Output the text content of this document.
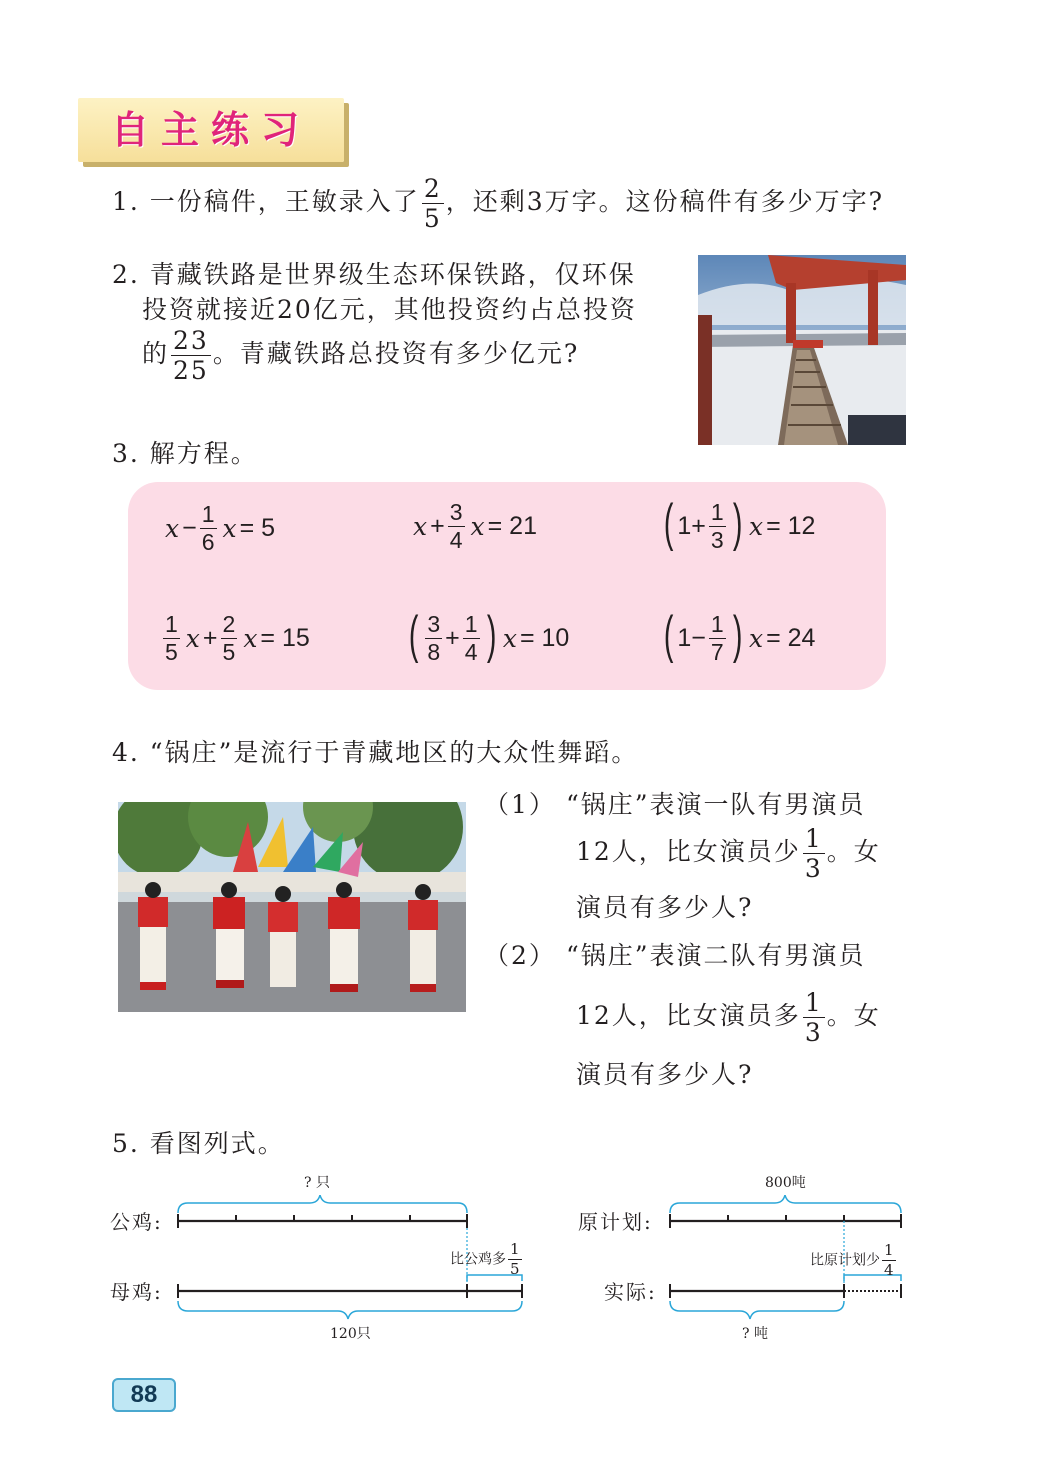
自主练习
1. 一份稿件，王敏录入了 $\frac{2}{5}$ ，还剩3万字。这份稿件有多少万字?
2. 青藏铁路是世界级生态环保铁路，仅环保
投资就接近20亿元，其他投资约占总投资
的 $\frac{23}{25}$ 。青藏铁路总投资有多少亿元?
3. 解方程。
$x - \frac{1}{6}$ x = 5	$x + \frac{3}{4}$ x = 21 ( $1 + \frac{1}{3}$ ) x = 12
$\frac{1}{5}$ $x + \frac{2}{5}$ x = 15 ( $\frac{3}{8} + \frac{1}{4}$ ) x = 10 ( $1 - \frac{1}{7}$ ) x = 24
4. “锅庄”是流行于青藏地区的大众性舞蹈。
（1） “锅庄”表演一队有男演员
12人，比女演员少 $\frac{1}{3}$ 。女
演员有多少人?
（2） “锅庄”表演二队有男演员
12人，比女演员多 $\frac{1}{3}$ 。女
演员有多少人?
5. 看图列式。
? 只
公鸡:
母鸡:
比公鸡多 $\frac{1}{5}$
120只
800吨
原计划:
实际:
比原计划少 $\frac{1}{4}$
? 吨
88
